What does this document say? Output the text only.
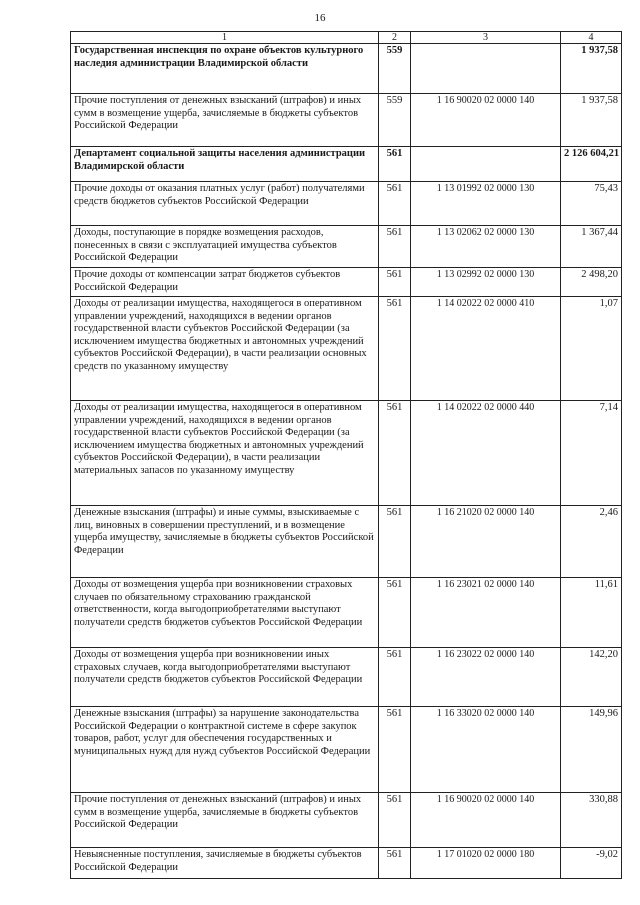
16
1	2	3	4
Государственная инспекция по охране объектов культурного наследия администрации Владимирской области	559		1 937,58
Прочие поступления от денежных взысканий (штрафов) и иных сумм в возмещение ущерба, зачисляемые в бюджеты субъектов Российской Федерации	559	1 16 90020 02 0000 140	1 937,58
Департамент социальной защиты населения администрации Владимирской области	561		2 126 604,21
Прочие доходы от оказания платных услуг (работ) получателями средств бюджетов субъектов Российской Федерации	561	1 13 01992 02 0000 130	75,43
Доходы, поступающие в порядке возмещения расходов, понесенных в связи с эксплуатацией имущества субъектов Российской Федерации	561	1 13 02062 02 0000 130	1 367,44
Прочие доходы от компенсации затрат бюджетов субъектов Российской Федерации	561	1 13 02992 02 0000 130	2 498,20
Доходы от реализации имущества, находящегося в оперативном управлении учреждений, находящихся в ведении органов государственной власти субъектов Российской Федерации (за исключением имущества бюджетных и автономных учреждений субъектов Российской Федерации), в части реализации основных средств по указанному имуществу	561	1 14 02022 02 0000 410	1,07
Доходы от реализации имущества, находящегося в оперативном управлении учреждений, находящихся в ведении органов государственной власти субъектов Российской Федерации (за исключением имущества бюджетных и автономных учреждений субъектов Российской Федерации), в части реализации материальных запасов по указанному имуществу	561	1 14 02022 02 0000 440	7,14
Денежные взыскания (штрафы) и иные суммы, взыскиваемые с лиц, виновных в совершении преступлений, и в возмещение ущерба имуществу, зачисляемые в бюджеты субъектов Российской Федерации	561	1 16 21020 02 0000 140	2,46
Доходы от возмещения ущерба при возникновении страховых случаев по обязательному страхованию гражданской ответственности, когда выгодоприобретателями выступают получатели средств бюджетов субъектов Российской Федерации	561	1 16 23021 02 0000 140	11,61
Доходы от возмещения ущерба при возникновении иных страховых случаев, когда выгодоприобретателями выступают получатели средств бюджетов субъектов Российской Федерации	561	1 16 23022 02 0000 140	142,20
Денежные взыскания (штрафы) за нарушение законодательства Российской Федерации о контрактной системе в сфере закупок товаров, работ, услуг для обеспечения государственных и муниципальных нужд для нужд субъектов Российской Федерации	561	1 16 33020 02 0000 140	149,96
Прочие поступления от денежных взысканий (штрафов) и иных сумм в возмещение ущерба, зачисляемые в бюджеты субъектов Российской Федерации	561	1 16 90020 02 0000 140	330,88
Невыясненные поступления, зачисляемые в бюджеты субъектов Российской Федерации	561	1 17 01020 02 0000 180	-9,02
